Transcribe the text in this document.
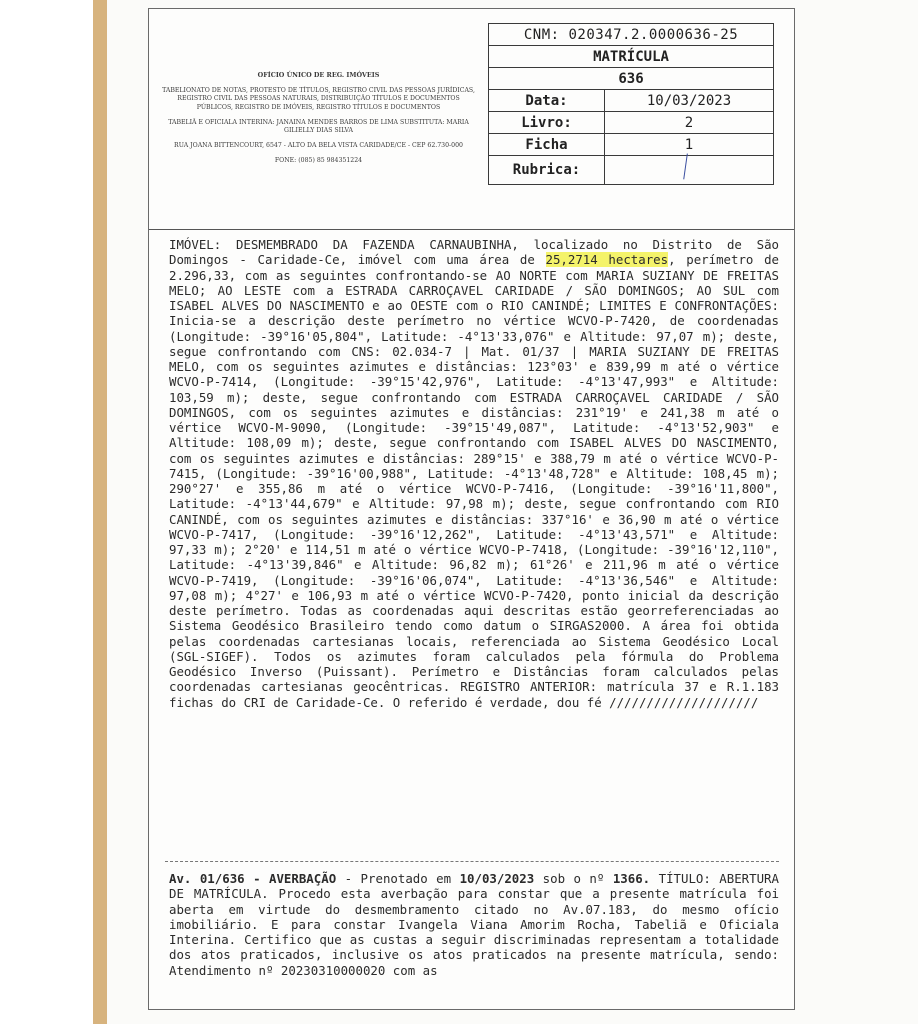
OFÍCIO ÚNICO DE REG. IMÓVEIS

TABELIONATO DE NOTAS, PROTESTO DE TÍTULOS, REGISTRO CIVIL DAS PESSOAS JURÍDICAS, REGISTRO CIVIL DAS PESSOAS NATURAIS, DISTRIBUIÇÃO TÍTULOS E DOCUMENTOS PÚBLICOS, REGISTRO DE IMÓVEIS, REGISTRO TÍTULOS E DOCUMENTOS

TABELIÃ E OFICIALA INTERINA: JANAINA MENDES BARROS DE LIMA SUBSTITUTA: MARIA GILIELLY DIAS SILVA

RUA JOANA BITTENCOURT, 6547 - ALTO DA BELA VISTA CARIDADE/CE - CEP 62.730-000

FONE: (085) 85 984351224

CNM: 020347.2.0000636-25	
MATRÍCULA	
636	
Data:	10/03/2023
Livro:	2
Ficha	1
Rubrica:	
IMÓVEL: DESMEMBRADO DA FAZENDA CARNAUBINHA, localizado no Distrito de São Domingos - Caridade-Ce, imóvel com uma área de 25,2714 hectares, perímetro de 2.296,33, com as seguintes confrontando-se AO NORTE com MARIA SUZIANY DE FREITAS MELO; AO LESTE com a ESTRADA CARROÇAVEL CARIDADE / SÃO DOMINGOS; AO SUL com ISABEL ALVES DO NASCIMENTO e ao OESTE com o RIO CANINDÉ; LIMITES E CONFRONTAÇÕES: Inicia-se a descrição deste perímetro no vértice WCVO-P-7420, de coordenadas (Longitude: -39°16'05,804", Latitude: -4°13'33,076" e Altitude: 97,07 m); deste, segue confrontando com CNS: 02.034-7 | Mat. 01/37 | MARIA SUZIANY DE FREITAS MELO, com os seguintes azimutes e distâncias: 123°03' e 839,99 m até o vértice WCVO-P-7414, (Longitude: -39°15'42,976", Latitude: -4°13'47,993" e Altitude: 103,59 m); deste, segue confrontando com ESTRADA CARROÇAVEL CARIDADE / SÃO DOMINGOS, com os seguintes azimutes e distâncias: 231°19' e 241,38 m até o vértice WCVO-M-9090, (Longitude: -39°15'49,087", Latitude: -4°13'52,903" e Altitude: 108,09 m); deste, segue confrontando com ISABEL ALVES DO NASCIMENTO, com os seguintes azimutes e distâncias: 289°15' e 388,79 m até o vértice WCVO-P-7415, (Longitude: -39°16'00,988", Latitude: -4°13'48,728" e Altitude: 108,45 m); 290°27' e 355,86 m até o vértice WCVO-P-7416, (Longitude: -39°16'11,800", Latitude: -4°13'44,679" e Altitude: 97,98 m); deste, segue confrontando com RIO CANINDÉ, com os seguintes azimutes e distâncias: 337°16' e 36,90 m até o vértice WCVO-P-7417, (Longitude: -39°16'12,262", Latitude: -4°13'43,571" e Altitude: 97,33 m); 2°20' e 114,51 m até o vértice WCVO-P-7418, (Longitude: -39°16'12,110", Latitude: -4°13'39,846" e Altitude: 96,82 m); 61°26' e 211,96 m até o vértice WCVO-P-7419, (Longitude: -39°16'06,074", Latitude: -4°13'36,546" e Altitude: 97,08 m); 4°27' e 106,93 m até o vértice WCVO-P-7420, ponto inicial da descrição deste perímetro. Todas as coordenadas aqui descritas estão georreferenciadas ao Sistema Geodésico Brasileiro tendo como datum o SIRGAS2000. A área foi obtida pelas coordenadas cartesianas locais, referenciada ao Sistema Geodésico Local (SGL-SIGEF). Todos os azimutes foram calculados pela fórmula do Problema Geodésico Inverso (Puissant). Perímetro e Distâncias foram calculados pelas coordenadas cartesianas geocêntricas. REGISTRO ANTERIOR: matrícula 37 e R.1.183 fichas do CRI de Caridade-Ce. O referido é verdade, dou fé ////////////////////
Av. 01/636 - AVERBAÇÃO - Prenotado em 10/03/2023 sob o nº 1366. TÍTULO: ABERTURA DE MATRÍCULA. Procedo esta averbação para constar que a presente matrícula foi aberta em virtude do desmembramento citado no Av.07.183, do mesmo ofício imobiliário. E para constar Ivangela Viana Amorim Rocha, Tabeliã e Oficiala Interina. Certifico que as custas a seguir discriminadas representam a totalidade dos atos praticados, inclusive os atos praticados na presente matrícula, sendo: Atendimento nº 20230310000020 com as
